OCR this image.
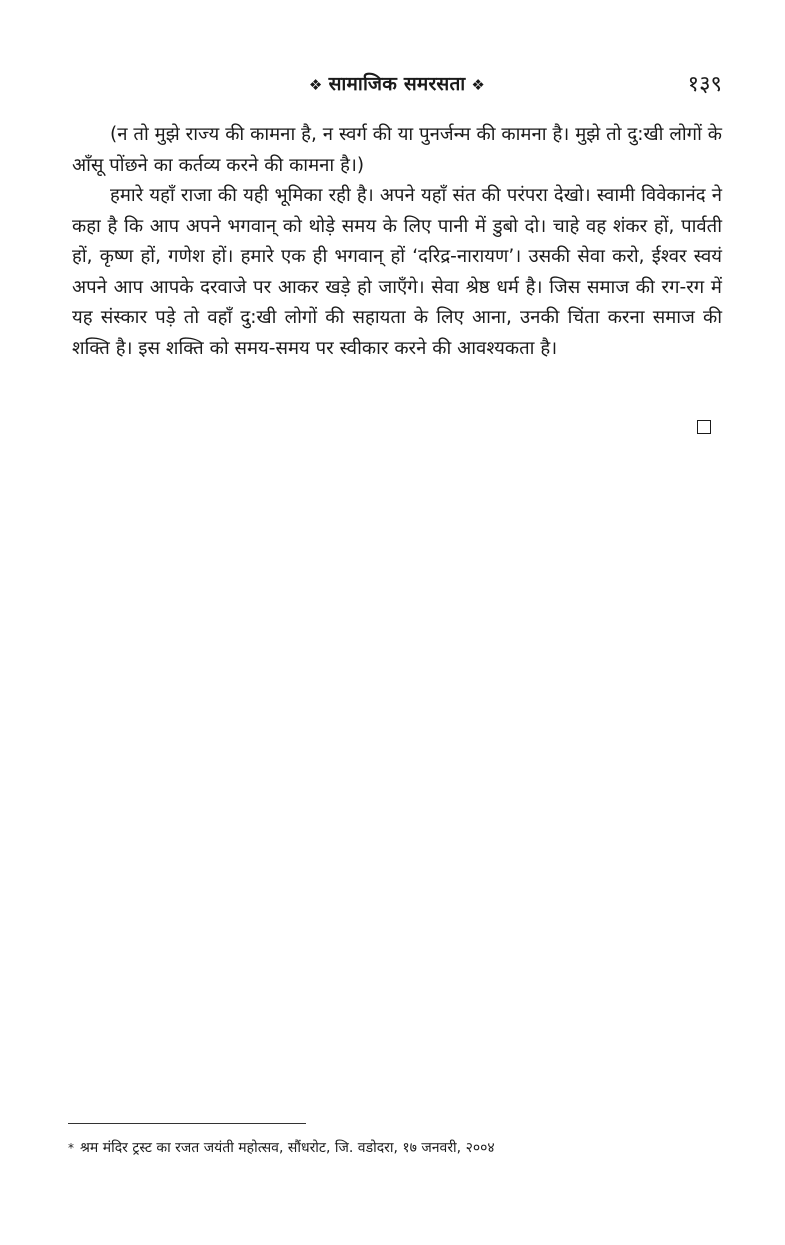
❖ सामाजिक समरसता ❖	१३९

(न तो मुझे राज्य की कामना है, न स्वर्ग की या पुनर्जन्म की कामना है। मुझे तो दु:खी लोगों के आँसू पोंछने का कर्तव्य करने की कामना है।)

हमारे यहाँ राजा की यही भूमिका रही है। अपने यहाँ संत की परंपरा देखो। स्वामी विवेकानंद ने कहा है कि आप अपने भगवान् को थोड़े समय के लिए पानी में डुबो दो। चाहे वह शंकर हों, पार्वती हों, कृष्ण हों, गणेश हों। हमारे एक ही भगवान् हों ‘दरिद्र-नारायण’। उसकी सेवा करो, ईश्वर स्वयं अपने आप आपके दरवाजे पर आकर खड़े हो जाएँगे। सेवा श्रेष्ठ धर्म है। जिस समाज की रग-रग में यह संस्कार पड़े तो वहाँ दु:खी लोगों की सहायता के लिए आना, उनकी चिंता करना समाज की शक्ति है। इस शक्ति को समय-समय पर स्वीकार करने की आवश्यकता है।

* श्रम मंदिर ट्रस्ट का रजत जयंती महोत्सव, सौंधरोट, जि. वडोदरा, १७ जनवरी, २००४
